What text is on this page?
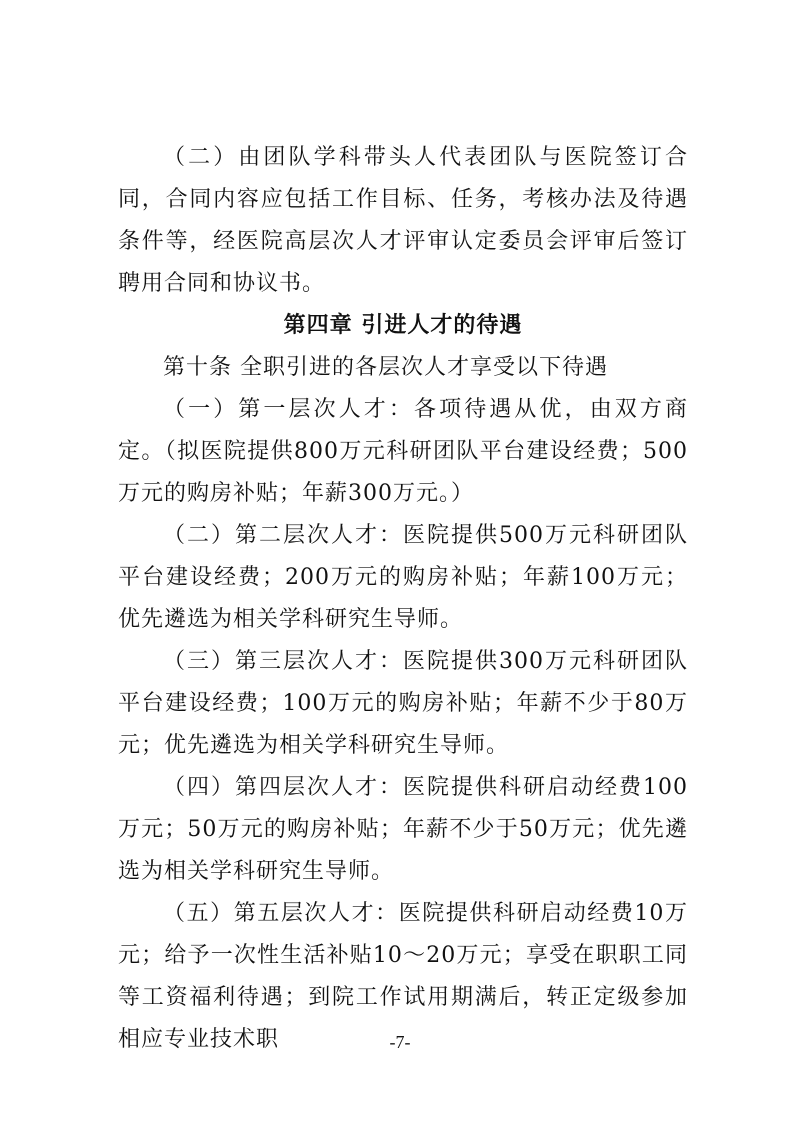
（二）由团队学科带头人代表团队与医院签订合同，合同内容应包括工作目标、任务，考核办法及待遇条件等，经医院高层次人才评审认定委员会评审后签订聘用合同和协议书。

第四章 引进人才的待遇

第十条 全职引进的各层次人才享受以下待遇

（一）第一层次人才：各项待遇从优，由双方商定。（拟医院提供800万元科研团队平台建设经费；500万元的购房补贴；年薪300万元。）

（二）第二层次人才：医院提供500万元科研团队平台建设经费；200万元的购房补贴；年薪100万元；优先遴选为相关学科研究生导师。

（三）第三层次人才：医院提供300万元科研团队平台建设经费；100万元的购房补贴；年薪不少于80万元；优先遴选为相关学科研究生导师。

（四）第四层次人才：医院提供科研启动经费100万元；50万元的购房补贴；年薪不少于50万元；优先遴选为相关学科研究生导师。

（五）第五层次人才：医院提供科研启动经费10万元；给予一次性生活补贴10～20万元；享受在职职工同等工资福利待遇；到院工作试用期满后，转正定级参加相应专业技术职	-7-
